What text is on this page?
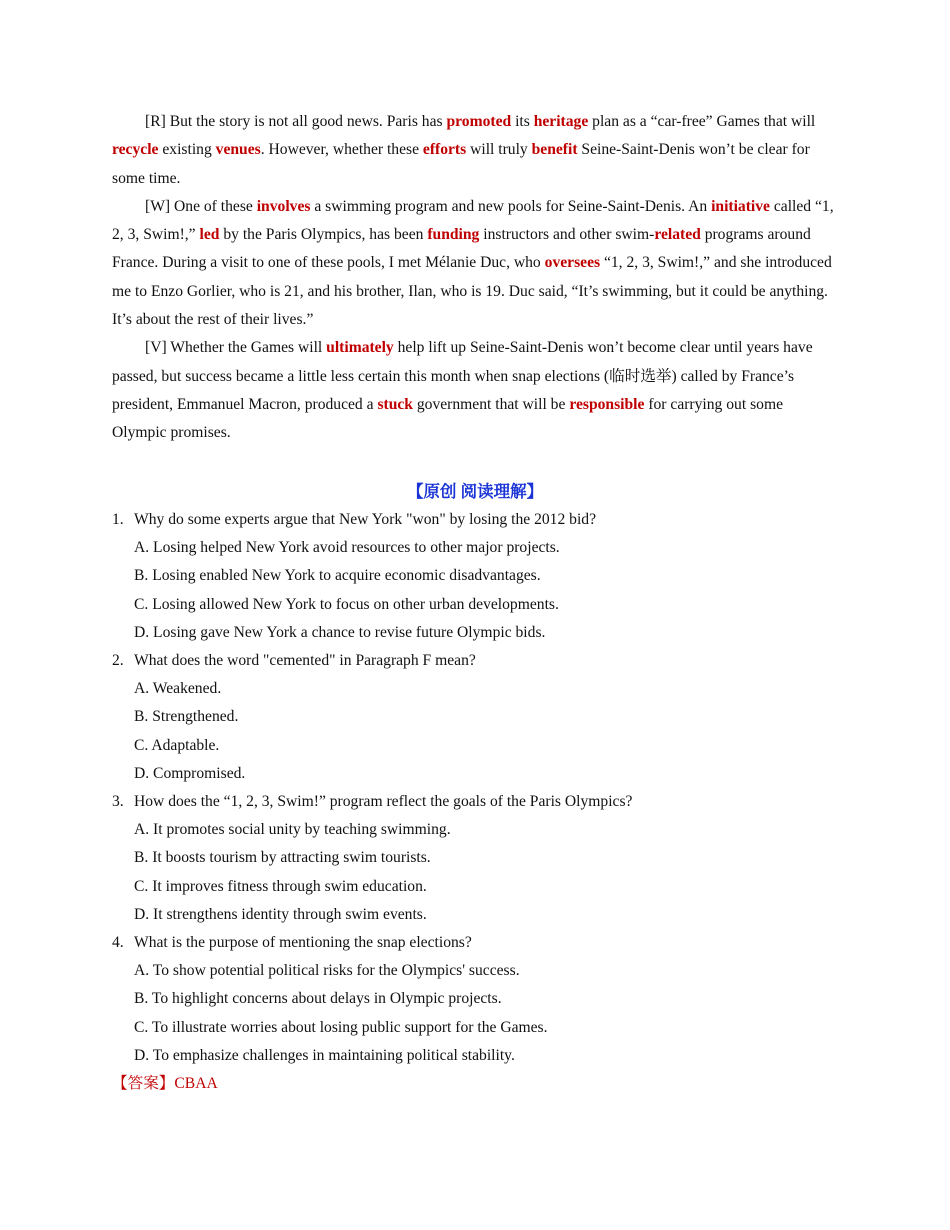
[R] But the story is not all good news. Paris has promoted its heritage plan as a “car-free” Games that will recycle existing venues. However, whether these efforts will truly benefit Seine-Saint-Denis won’t be clear for some time.

[W] One of these involves a swimming program and new pools for Seine-Saint-Denis. An initiative called “1, 2, 3, Swim!,” led by the Paris Olympics, has been funding instructors and other swim-related programs around France. During a visit to one of these pools, I met Mélanie Duc, who oversees “1, 2, 3, Swim!,” and she introduced me to Enzo Gorlier, who is 21, and his brother, Ilan, who is 19. Duc said, “It’s swimming, but it could be anything. It’s about the rest of their lives.”

[V] Whether the Games will ultimately help lift up Seine-Saint-Denis won’t become clear until years have passed, but success became a little less certain this month when snap elections (临时选举) called by France’s president, Emmanuel Macron, produced a stuck government that will be responsible for carrying out some Olympic promises.

【原创 阅读理解】

1. Why do some experts argue that New York "won" by losing the 2012 bid?

A. Losing helped New York avoid resources to other major projects.

B. Losing enabled New York to acquire economic disadvantages.

C. Losing allowed New York to focus on other urban developments.

D. Losing gave New York a chance to revise future Olympic bids.

2. What does the word "cemented" in Paragraph F mean?

A. Weakened.

B. Strengthened.

C. Adaptable.

D. Compromised.

3. How does the “1, 2, 3, Swim!” program reflect the goals of the Paris Olympics?

A. It promotes social unity by teaching swimming.

B. It boosts tourism by attracting swim tourists.

C. It improves fitness through swim education.

D. It strengthens identity through swim events.

4. What is the purpose of mentioning the snap elections?

A. To show potential political risks for the Olympics' success.

B. To highlight concerns about delays in Olympic projects.

C. To illustrate worries about losing public support for the Games.

D. To emphasize challenges in maintaining political stability.

【答案】CBAA
